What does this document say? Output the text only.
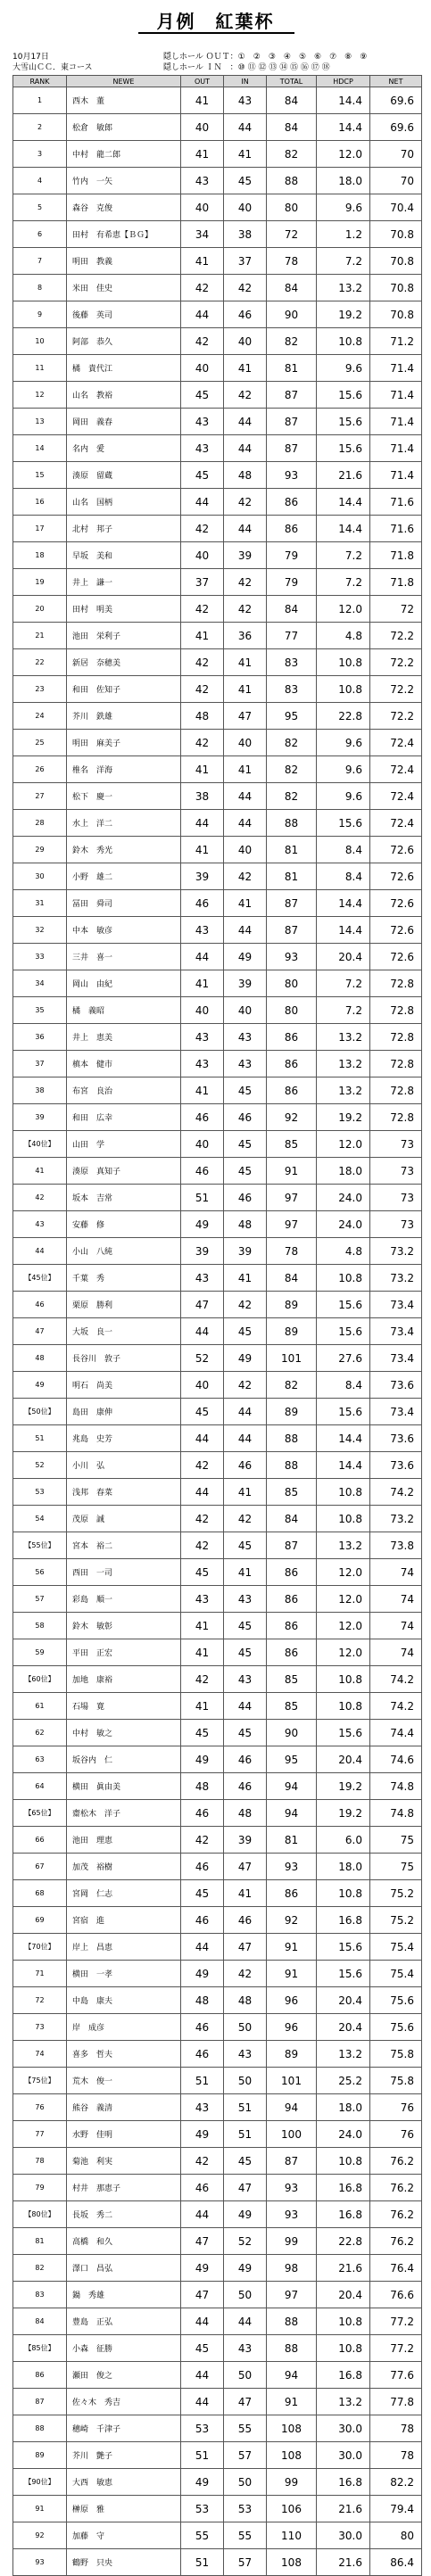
月例　紅葉杯
10月17日
大雪山ＣＣ．東コース
隠しホール ＯＵＴ：①　②　③　④　⑤　⑥　⑦　⑧　⑨
隠しホール ＩＮ　：⑩ ⑪ ⑫ ⑬ ⑭ ⑮ ⑯ ⑰ ⑱
RANK	NEWE	OUT	IN	TOTAL	HDCP	NET
1	西木　董	41	43	84	14.4	69.6
2	松倉　敏郎	40	44	84	14.4	69.6
3	中村　龍二郎	41	41	82	12.0	70
4	竹内　一矢	43	45	88	18.0	70
5	森谷　克俊	40	40	80	9.6	70.4
6	田村　有希恵【ＢＧ】	34	38	72	1.2	70.8
7	明田　教義	41	37	78	7.2	70.8
8	米田　佳史	42	42	84	13.2	70.8
9	後藤　英司	44	46	90	19.2	70.8
10	阿部　恭久	42	40	82	10.8	71.2
11	橘　貴代江	40	41	81	9.6	71.4
12	山名　教裕	45	42	87	15.6	71.4
13	岡田　義春	43	44	87	15.6	71.4
14	名内　愛	43	44	87	15.6	71.4
15	湊原　留蔵	45	48	93	21.6	71.4
16	山名　国柄	44	42	86	14.4	71.6
17	北村　邦子	42	44	86	14.4	71.6
18	早坂　美和	40	39	79	7.2	71.8
19	井上　謙一	37	42	79	7.2	71.8
20	田村　明美	42	42	84	12.0	72
21	池田　栄利子	41	36	77	4.8	72.2
22	新居　奈穂美	42	41	83	10.8	72.2
23	和田　佐知子	42	41	83	10.8	72.2
24	芥川　鉄雄	48	47	95	22.8	72.2
25	明田　麻美子	42	40	82	9.6	72.4
26	椎名　洋海	41	41	82	9.6	72.4
27	松下　慶一	38	44	82	9.6	72.4
28	水上　洋二	44	44	88	15.6	72.4
29	鈴木　秀光	41	40	81	8.4	72.6
30	小野　雄二	39	42	81	8.4	72.6
31	冨田　舜司	46	41	87	14.4	72.6
32	中本　敏彦	43	44	87	14.4	72.6
33	三井　喜一	44	49	93	20.4	72.6
34	岡山　由紀	41	39	80	7.2	72.8
35	橘　義昭	40	40	80	7.2	72.8
36	井上　恵美	43	43	86	13.2	72.8
37	槙本　健市	43	43	86	13.2	72.8
38	布宮　良治	41	45	86	13.2	72.8
39	和田　広幸	46	46	92	19.2	72.8
【40位】	山田　学	40	45	85	12.0	73
41	湊原　真知子	46	45	91	18.0	73
42	坂本　吉常	51	46	97	24.0	73
43	安藤　修	49	48	97	24.0	73
44	小山　八純	39	39	78	4.8	73.2
【45位】	千葉　秀	43	41	84	10.8	73.2
46	栗原　勝利	47	42	89	15.6	73.4
47	大坂　良一	44	45	89	15.6	73.4
48	長谷川　敦子	52	49	101	27.6	73.4
49	明石　尚美	40	42	82	8.4	73.6
【50位】	島田　康伸	45	44	89	15.6	73.4
51	兆島　史芳	44	44	88	14.4	73.6
52	小川　弘	42	46	88	14.4	73.6
53	浅邦　春菜	44	41	85	10.8	74.2
54	茂原　誠	42	42	84	10.8	73.2
【55位】	宮本　裕二	42	45	87	13.2	73.8
56	西田　一司	45	41	86	12.0	74
57	彩島　順一	43	43	86	12.0	74
58	鈴木　敏彰	41	45	86	12.0	74
59	平田　正宏	41	45	86	12.0	74
【60位】	加地　康裕	42	43	85	10.8	74.2
61	石場　寛	41	44	85	10.8	74.2
62	中村　敏之	45	45	90	15.6	74.4
63	坂谷内　仁	49	46	95	20.4	74.6
64	横田　眞由美	48	46	94	19.2	74.8
【65位】	齋松木　洋子	46	48	94	19.2	74.8
66	池田　理恵	42	39	81	6.0	75
67	加茂　裕樹	46	47	93	18.0	75
68	宮岡　仁志	45	41	86	10.8	75.2
69	宮宿　進	46	46	92	16.8	75.2
【70位】	岸上　昌恵	44	47	91	15.6	75.4
71	横田　一孝	49	42	91	15.6	75.4
72	中島　康夫	48	48	96	20.4	75.6
73	岸　成彦	46	50	96	20.4	75.6
74	喜多　哲夫	46	43	89	13.2	75.8
【75位】	荒木　俊一	51	50	101	25.2	75.8
76	熊谷　義清	43	51	94	18.0	76
77	水野　佳明	49	51	100	24.0	76
78	菊池　利実	42	45	87	10.8	76.2
79	村井　那恵子	46	47	93	16.8	76.2
【80位】	長坂　秀二	44	49	93	16.8	76.2
81	高橋　和久	47	52	99	22.8	76.2
82	澤口　昌弘	49	49	98	21.6	76.4
83	鍋　秀雄	47	50	97	20.4	76.6
84	豊島　正弘	44	44	88	10.8	77.2
【85位】	小森　征勝	45	43	88	10.8	77.2
86	瀬田　俊之	44	50	94	16.8	77.6
87	佐々木　秀吉	44	47	91	13.2	77.8
88	穗崎　千津子	53	55	108	30.0	78
89	芥川　艶子	51	57	108	30.0	78
【90位】	大西　敏恵	49	50	99	16.8	82.2
91	榊原　雅	53	53	106	21.6	79.4
92	加藤　守	55	55	110	30.0	80
93	鶴野　只央	51	57	108	21.6	86.4
